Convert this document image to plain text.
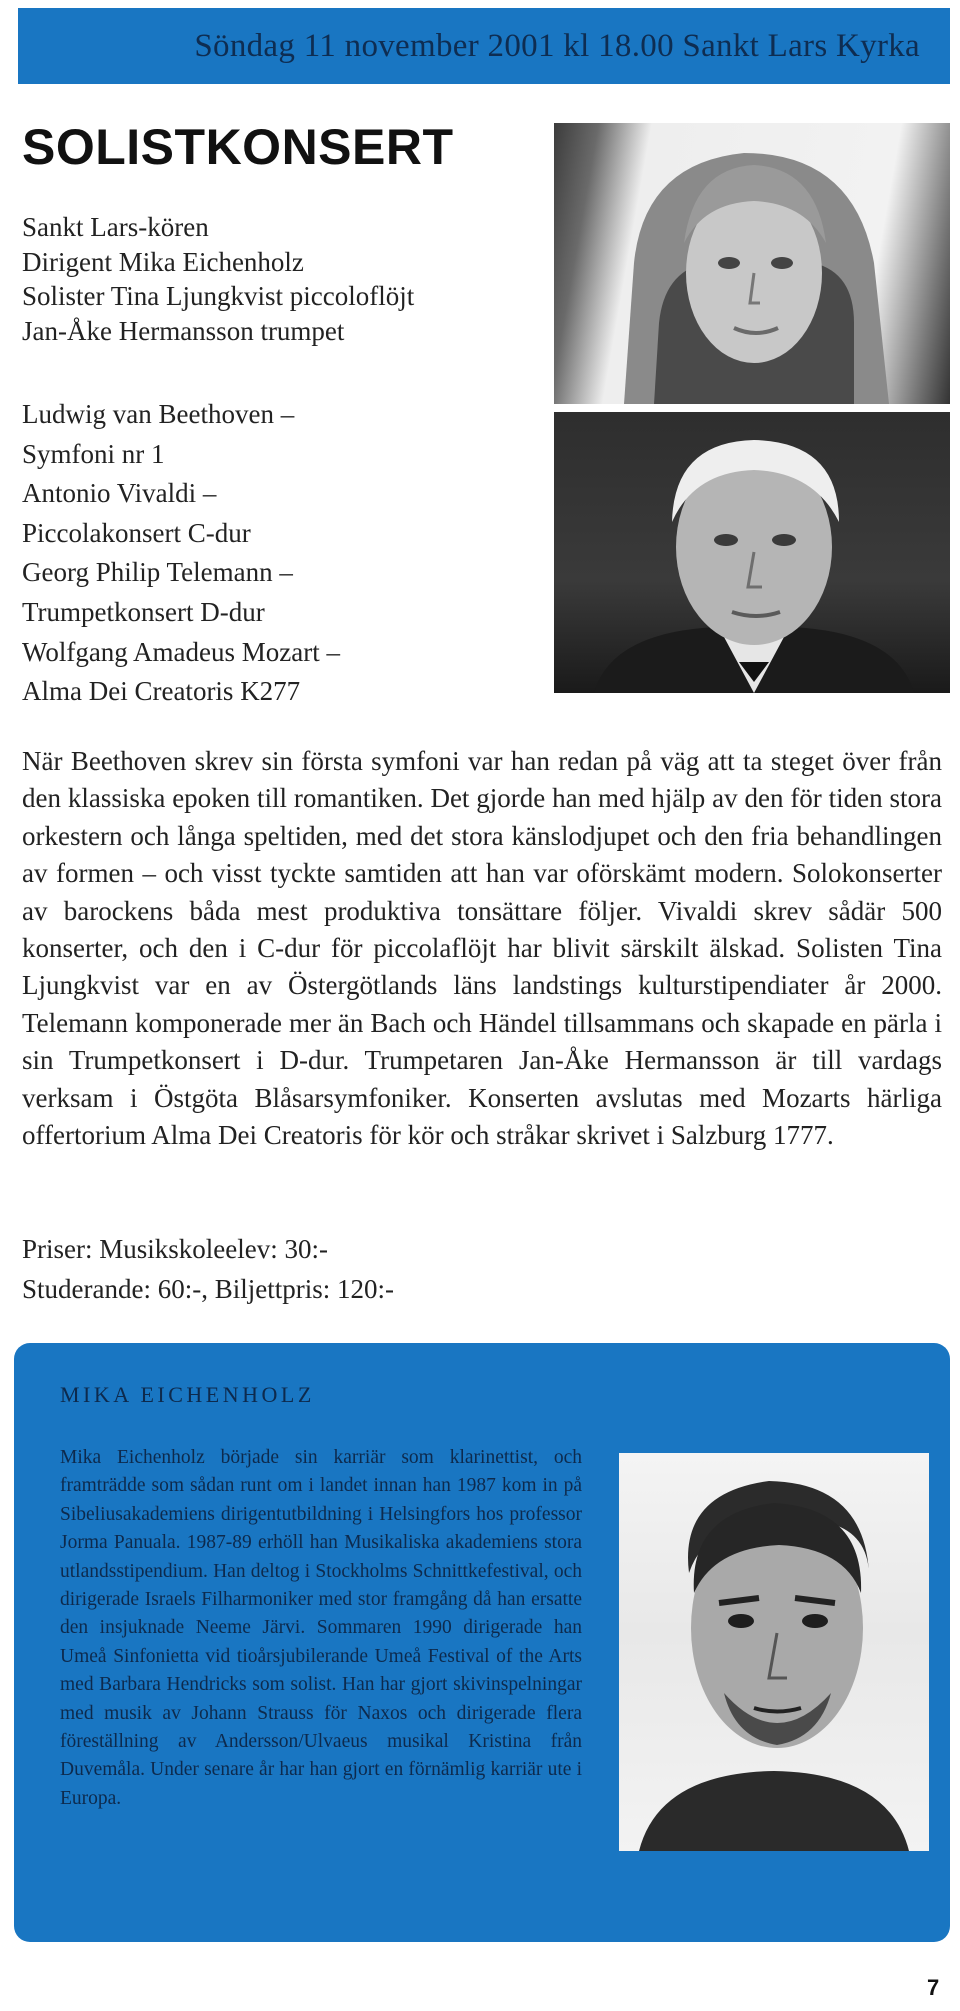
Söndag 11 november 2001 kl 18.00 Sankt Lars Kyrka
SOLISTKONSERT
Sankt Lars-kören
Dirigent Mika Eichenholz
Solister Tina Ljungkvist piccoloflöjt
Jan-Åke Hermansson trumpet
Ludwig van Beethoven –
Symfoni nr 1
Antonio Vivaldi –
Piccolakonsert C-dur
Georg Philip Telemann –
Trumpetkonsert D-dur
Wolfgang Amadeus Mozart –
Alma Dei Creatoris K277
När Beethoven skrev sin första symfoni var han redan på väg att ta steget över från den klassiska epoken till romantiken. Det gjorde han med hjälp av den för tiden stora orkestern och långa speltiden, med det stora känslodjupet och den fria behandlingen av formen – och visst tyckte samtiden att han var oförskämt modern. Solokonserter av barockens båda mest produktiva tonsättare följer. Vivaldi skrev sådär 500 konserter, och den i C-dur för piccolaflöjt har blivit särskilt älskad. Solisten Tina Ljungkvist var en av Östergötlands läns landstings kulturstipendiater år 2000. Telemann komponerade mer än Bach och Händel tillsammans och skapade en pärla i sin Trumpetkonsert i D-dur. Trumpetaren Jan-Åke Hermansson är till vardags verksam i Östgöta Blåsarsymfoniker. Konserten avslutas med Mozarts härliga offertorium Alma Dei Creatoris för kör och stråkar skrivet i Salzburg 1777.
Priser: Musikskoleelev: 30:-
Studerande: 60:-, Biljettpris: 120:-
MIKA EICHENHOLZ
Mika Eichenholz började sin karriär som klarinettist, och framträdde som sådan runt om i landet innan han 1987 kom in på Sibeliusakademiens dirigentutbildning i Helsingfors hos professor Jorma Panuala. 1987-89 erhöll han Musikaliska akademiens stora utlandsstipendium. Han deltog i Stockholms Schnittkefestival, och dirigerade Israels Filharmoniker med stor framgång då han ersatte den insjuknade Neeme Järvi. Sommaren 1990 dirigerade han Umeå Sinfonietta vid tioårsjubilerande Umeå Festival of the Arts med Barbara Hendricks som solist. Han har gjort skivinspelningar med musik av Johann Strauss för Naxos och dirigerade flera föreställning av Andersson/Ulvaeus musikal Kristina från Duvemåla. Under senare år har han gjort en förnämlig karriär ute i Europa.
7
